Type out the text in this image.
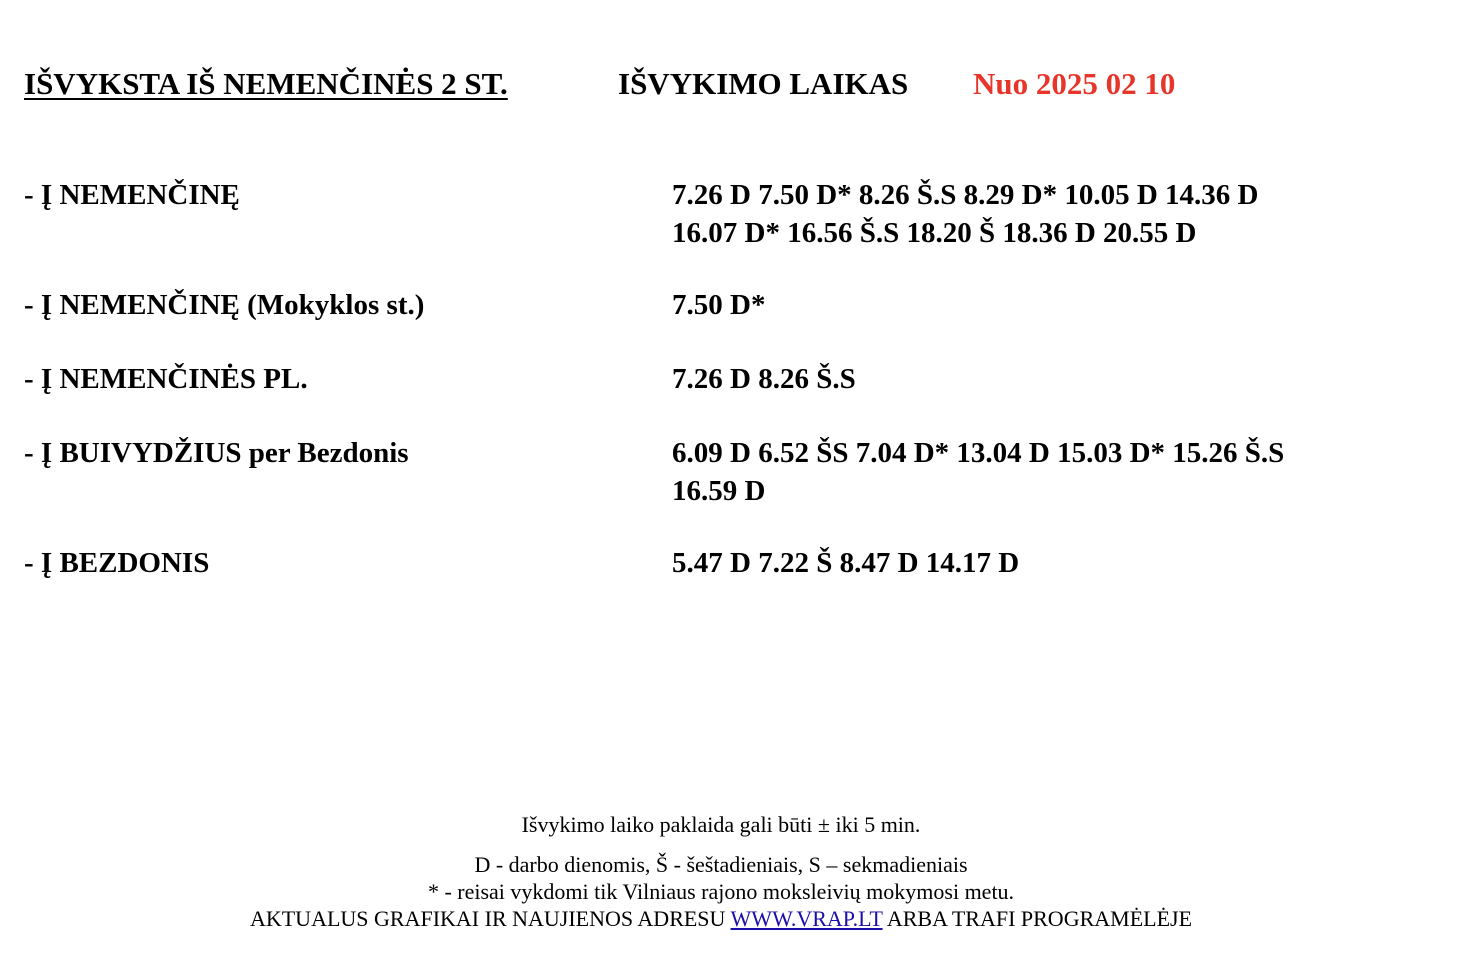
IŠVYKSTA IŠ NEMENČINĖS 2 ST.	IŠVYKIMO LAIKAS Nuo 2025 02 10
- Į NEMENČINĘ	7.26 D 7.50 D* 8.26 Š.S 8.29 D* 10.05 D 14.36 D
16.07 D* 16.56 Š.S 18.20 Š 18.36 D 20.55 D
- Į NEMENČINĘ (Mokyklos st.)	7.50 D*
- Į NEMENČINĖS PL.	7.26 D 8.26 Š.S
- Į BUIVYDŽIUS per Bezdonis	6.09 D 6.52 ŠS 7.04 D* 13.04 D 15.03 D* 15.26 Š.S
16.59 D
- Į BEZDONIS	5.47 D 7.22 Š 8.47 D 14.17 D
Išvykimo laiko paklaida gali būti ± iki 5 min.
D - darbo dienomis, Š - šeštadieniais, S – sekmadieniais
* - reisai vykdomi tik Vilniaus rajono moksleivių mokymosi metu.
AKTUALUS GRAFIKAI IR NAUJIENOS ADRESU WWW.VRAP.LT ARBA TRAFI PROGRAMĖLĖJE
